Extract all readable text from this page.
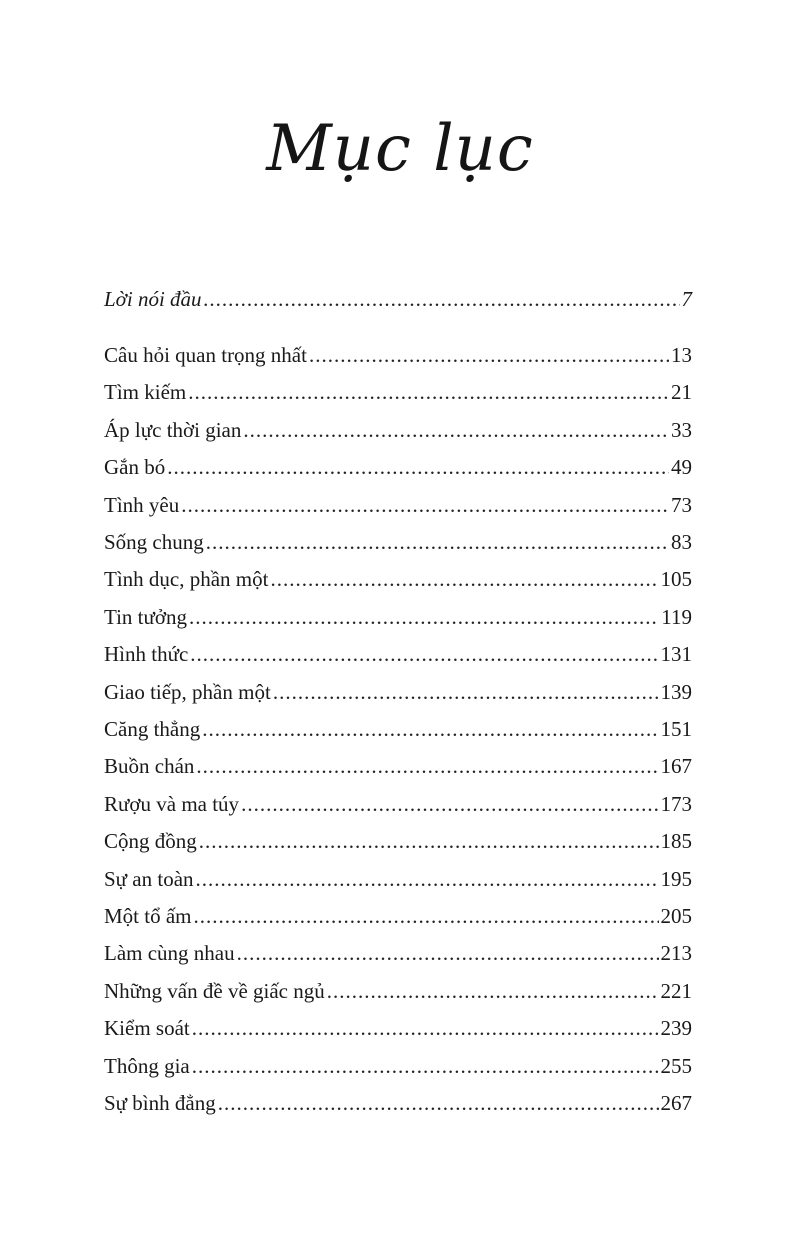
Mục lục
Lời nói đầu .....	7
Câu hỏi quan trọng nhất .....	13
Tìm kiếm .....	21
Áp lực thời gian .....	33
Gắn bó .....	49
Tình yêu .....	73
Sống chung .....	83
Tình dục, phần một .....	105
Tin tưởng .....	119
Hình thức .....	131
Giao tiếp, phần một .....	139
Căng thẳng .....	151
Buồn chán .....	167
Rượu và ma túy .....	173
Cộng đồng .....	185
Sự an toàn .....	195
Một tổ ấm .....	205
Làm cùng nhau .....	213
Những vấn đề về giấc ngủ .....	221
Kiểm soát .....	239
Thông gia .....	255
Sự bình đẳng .....	267
